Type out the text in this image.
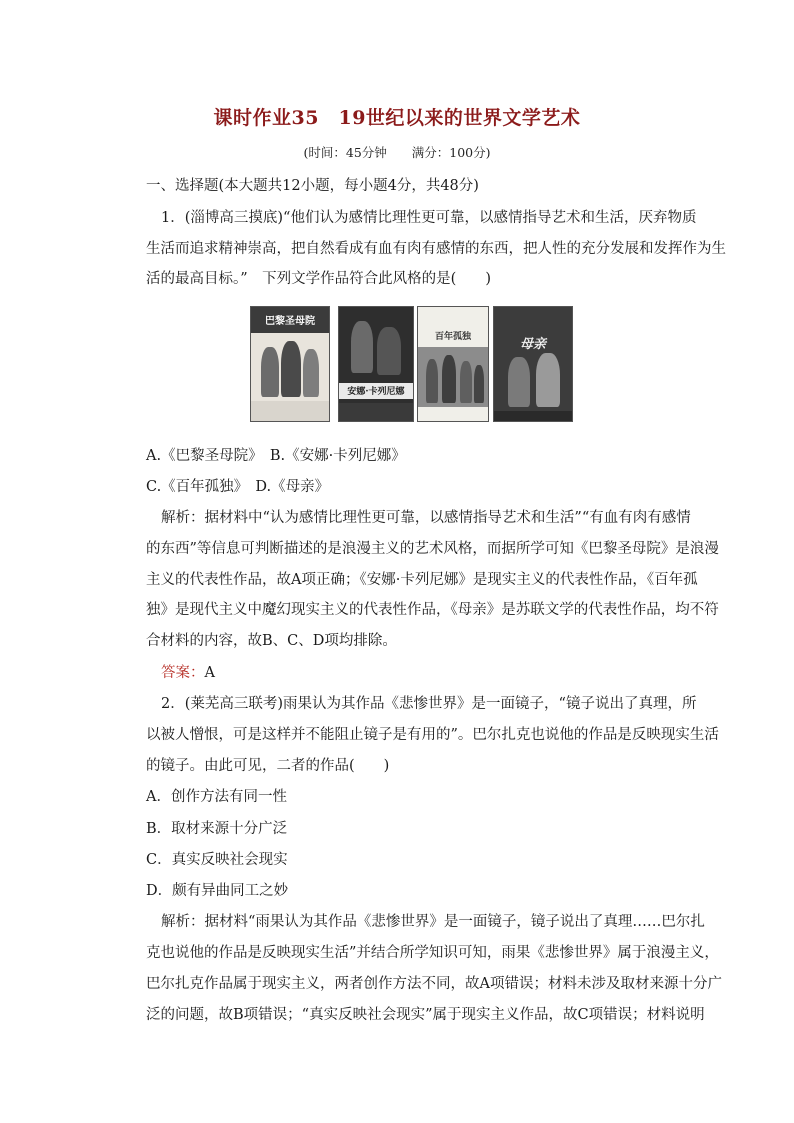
课时作业35　19世纪以来的世界文学艺术
(时间：45分钟　　满分：100分)
一、选择题(本大题共12小题，每小题4分，共48分)
1．(淄博高三摸底)“他们认为感情比理性更可靠，以感情指导艺术和生活，厌弃物质
生活而追求精神崇高，把自然看成有血有肉有感情的东西，把人性的充分发展和发挥作为生
活的最高目标。”　下列文学作品符合此风格的是(　　)
巴黎圣母院
安娜·卡列尼娜
百年孤独	母亲
A.《巴黎圣母院》　B.《安娜·卡列尼娜》
C.《百年孤独》　D.《母亲》
解析：据材料中“认为感情比理性更可靠，以感情指导艺术和生活”“有血有肉有感情
的东西”等信息可判断描述的是浪漫主义的艺术风格，而据所学可知《巴黎圣母院》是浪漫
主义的代表性作品，故A项正确；《安娜·卡列尼娜》是现实主义的代表性作品，《百年孤
独》是现代主义中魔幻现实主义的代表性作品，《母亲》是苏联文学的代表性作品，均不符
合材料的内容，故B、C、D项均排除。
答案：A
2．(莱芜高三联考)雨果认为其作品《悲惨世界》是一面镜子，“镜子说出了真理，所
以被人憎恨，可是这样并不能阻止镜子是有用的”。巴尔扎克也说他的作品是反映现实生活
的镜子。由此可见，二者的作品(　　)
A．创作方法有同一性
B．取材来源十分广泛
C．真实反映社会现实
D．颇有异曲同工之妙
解析：据材料“雨果认为其作品《悲惨世界》是一面镜子，镜子说出了真理……巴尔扎
克也说他的作品是反映现实生活”并结合所学知识可知，雨果《悲惨世界》属于浪漫主义，
巴尔扎克作品属于现实主义，两者创作方法不同，故A项错误；材料未涉及取材来源十分广
泛的问题，故B项错误；“真实反映社会现实”属于现实主义作品，故C项错误；材料说明
